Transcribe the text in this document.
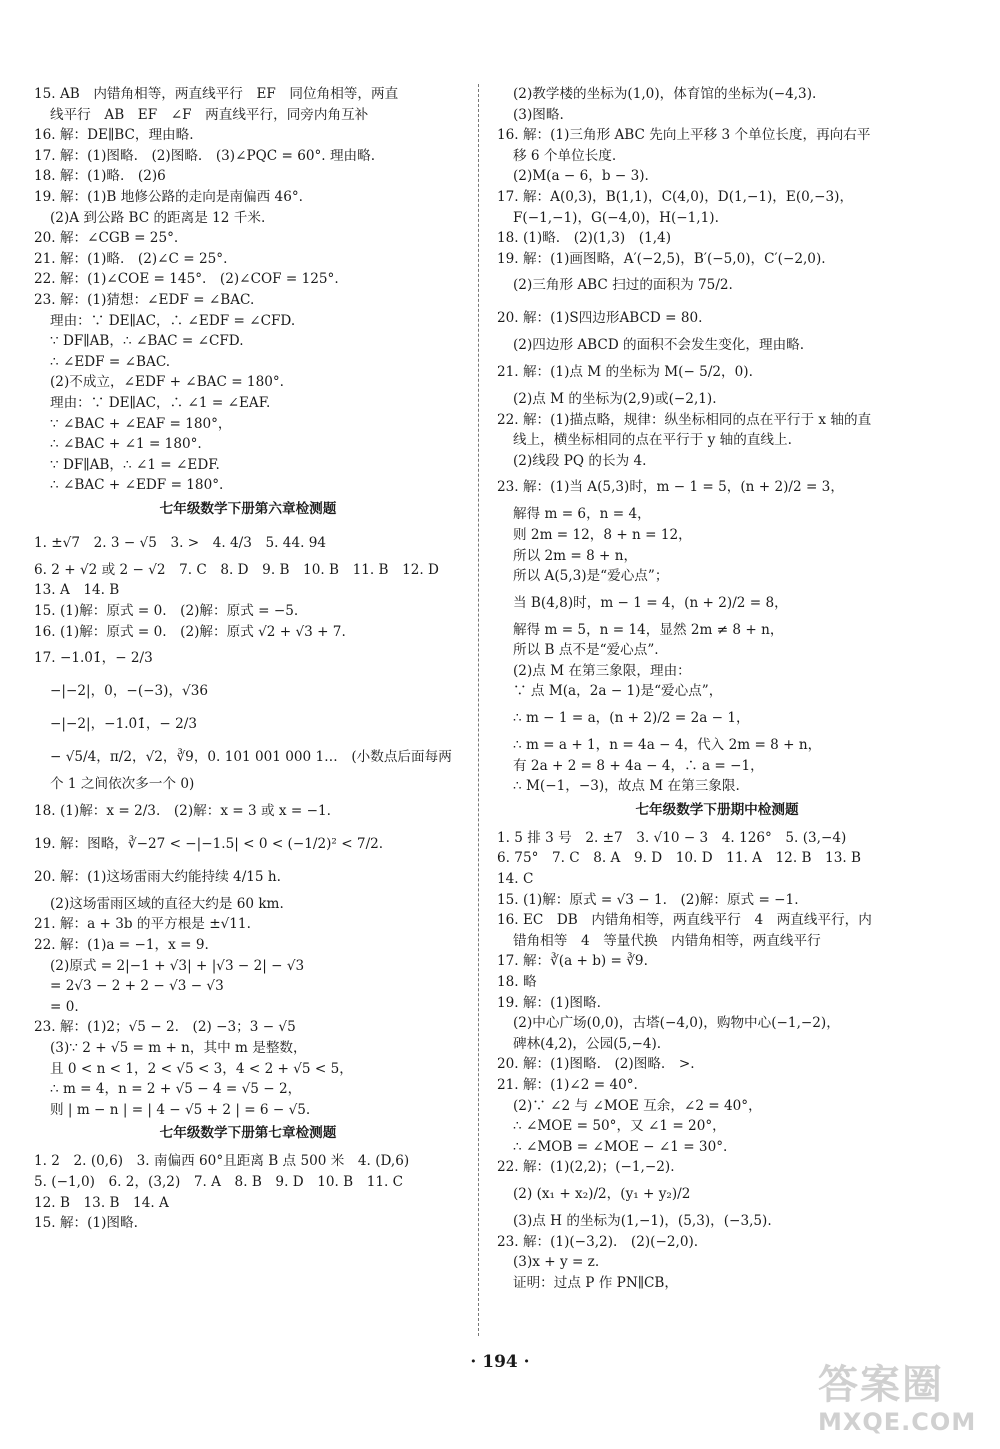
15. AB　内错角相等，两直线平行　EF　同位角相等，两直

线平行　AB　EF　∠F　两直线平行，同旁内角互补

16. 解：DE∥BC，理由略.

17. 解：(1)图略.　(2)图略.　(3)∠PQC = 60°. 理由略.

18. 解：(1)略.　(2)6

19. 解：(1)B 地修公路的走向是南偏西 46°.

(2)A 到公路 BC 的距离是 12 千米.

20. 解：∠CGB = 25°.

21. 解：(1)略.　(2)∠C = 25°.

22. 解：(1)∠COE = 145°.　(2)∠COF = 125°.

23. 解：(1)猜想：∠EDF = ∠BAC.

理由：∵ DE∥AC，∴ ∠EDF = ∠CFD.

∵ DF∥AB，∴ ∠BAC = ∠CFD.

∴ ∠EDF = ∠BAC.

(2)不成立，∠EDF + ∠BAC = 180°.

理由：∵ DE∥AC，∴ ∠1 = ∠EAF.

∵ ∠BAC + ∠EAF = 180°，

∴ ∠BAC + ∠1 = 180°.

∵ DF∥AB，∴ ∠1 = ∠EDF.

∴ ∠BAC + ∠EDF = 180°.

七年级数学下册第六章检测题

1. ±√7　2. 3 − √5　3. >　4. 4/3　5. 44. 94

6. 2 + √2 或 2 − √2　7. C　8. D　9. B　10. B　11. B　12. D

13. A　14. B

15. (1)解：原式 = 0.　(2)解：原式 = −5.

16. (1)解：原式 = 0.　(2)解：原式 √2 + √3 + 7.

17. −1.0̇1̇，− 2/3

−|−2|，0，−(−3)，√36

−|−2|，−1.0̇1̇，− 2/3

− √5/4，π/2，√2，∛9，0. 101 001 000 1…　(小数点后面每两

个 1 之间依次多一个 0)

18. (1)解：x = 2/3.　(2)解：x = 3 或 x = −1.

19. 解：图略，∛−27 < −|−1.5| < 0 < (−1/2)² < 7/2.

20. 解：(1)这场雷雨大约能持续 4/15 h.

(2)这场雷雨区域的直径大约是 60 km.

21. 解：a + 3b 的平方根是 ±√11.

22. 解：(1)a = −1，x = 9.

(2)原式 = 2|−1 + √3| + |√3 − 2| − √3

= 2√3 − 2 + 2 − √3 − √3

= 0.

23. 解：(1)2；√5 − 2.　(2) −3；3 − √5

(3)∵ 2 + √5 = m + n，其中 m 是整数，

且 0 < n < 1，2 < √5 < 3，4 < 2 + √5 < 5，

∴ m = 4，n = 2 + √5 − 4 = √5 − 2，

则 | m − n | = | 4 − √5 + 2 | = 6 − √5.

七年级数学下册第七章检测题

1. 2　2. (0,6)　3. 南偏西 60°且距离 B 点 500 米　4. (D,6)

5. (−1,0)　6. 2，(3,2)　7. A　8. B　9. D　10. B　11. C

12. B　13. B　14. A

15. 解：(1)图略.

(2)教学楼的坐标为(1,0)，体育馆的坐标为(−4,3).

(3)图略.

16. 解：(1)三角形 ABC 先向上平移 3 个单位长度，再向右平

移 6 个单位长度.

(2)M(a − 6，b − 3).

17. 解：A(0,3)，B(1,1)，C(4,0)，D(1,−1)，E(0,−3)，

F(−1,−1)，G(−4,0)，H(−1,1).

18. (1)略.　(2)(1,3)　(1,4)

19. 解：(1)画图略，A′(−2,5)，B′(−5,0)，C′(−2,0).

(2)三角形 ABC 扫过的面积为 75/2.

20. 解：(1)S四边形ABCD = 80.

(2)四边形 ABCD 的面积不会发生变化，理由略.

21. 解：(1)点 M 的坐标为 M(− 5/2，0).

(2)点 M 的坐标为(2,9)或(−2,1).

22. 解：(1)描点略，规律：纵坐标相同的点在平行于 x 轴的直

线上，横坐标相同的点在平行于 y 轴的直线上.

(2)线段 PQ 的长为 4.

23. 解：(1)当 A(5,3)时，m − 1 = 5，(n + 2)/2 = 3，

解得 m = 6，n = 4，

则 2m = 12，8 + n = 12，

所以 2m = 8 + n，

所以 A(5,3)是“爱心点”；

当 B(4,8)时，m − 1 = 4，(n + 2)/2 = 8，

解得 m = 5，n = 14，显然 2m ≠ 8 + n，

所以 B 点不是“爱心点”.

(2)点 M 在第三象限，理由：

∵ 点 M(a，2a − 1)是“爱心点”，

∴ m − 1 = a，(n + 2)/2 = 2a − 1，

∴ m = a + 1，n = 4a − 4，代入 2m = 8 + n，

有 2a + 2 = 8 + 4a − 4，∴ a = −1，

∴ M(−1，−3)，故点 M 在第三象限.

七年级数学下册期中检测题

1. 5 排 3 号　2. ±7　3. √10 − 3　4. 126°　5. (3,−4)

6. 75°　7. C　8. A　9. D　10. D　11. A　12. B　13. B

14. C

15. (1)解：原式 = √3 − 1.　(2)解：原式 = −1.

16. EC　DB　内错角相等，两直线平行　4　两直线平行，内

错角相等　4　等量代换　内错角相等，两直线平行

17. 解：∛(a + b) = ∛9.

18. 略

19. 解：(1)图略.

(2)中心广场(0,0)，古塔(−4,0)，购物中心(−1,−2)，

碑林(4,2)，公园(5,−4).

20. 解：(1)图略.　(2)图略.　>.

21. 解：(1)∠2 = 40°.

(2)∵ ∠2 与 ∠MOE 互余，∠2 = 40°，

∴ ∠MOE = 50°，又 ∠1 = 20°，

∴ ∠MOB = ∠MOE − ∠1 = 30°.

22. 解：(1)(2,2)；(−1,−2).

(2) (x₁ + x₂)/2，(y₁ + y₂)/2

(3)点 H 的坐标为(1,−1)，(5,3)，(−3,5).

23. 解：(1)(−3,2).　(2)(−2,0).

(3)x + y = z.

证明：过点 P 作 PN∥CB，

· 194 ·	答案圈
MXQE.COM
